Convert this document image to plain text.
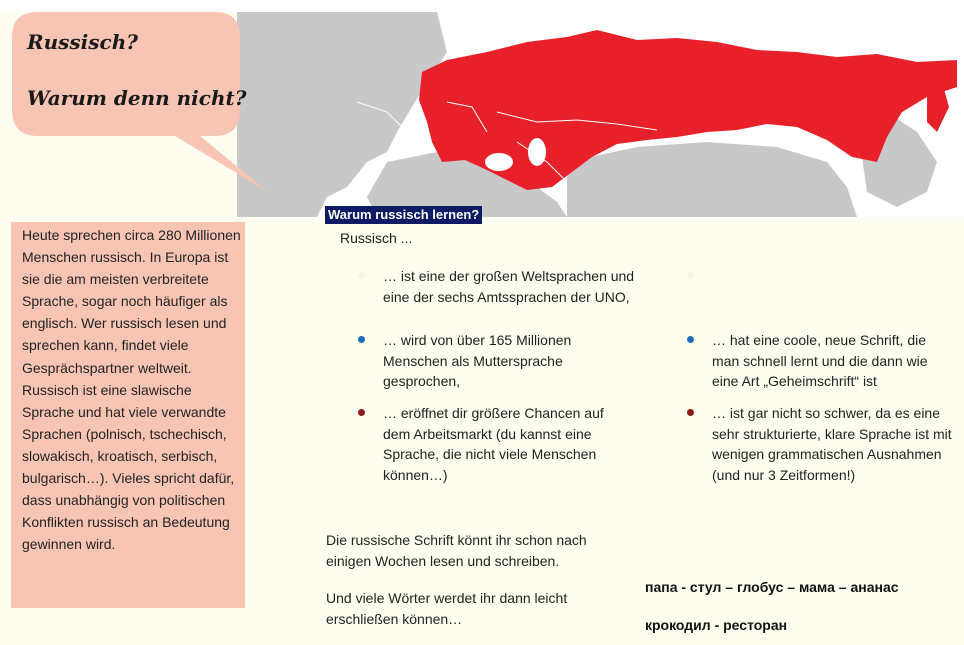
Russisch?
Warum denn nicht?
Heute sprechen circa 280 Millionen Menschen russisch. In Europa ist sie die am meisten verbreitete Sprache, sogar noch häufiger als englisch. Wer russisch lesen und sprechen kann, findet viele Gesprächspartner weltweit. Russisch ist eine slawische Sprache und hat viele verwandte Sprachen (polnisch, tschechisch, slowakisch, kroatisch, serbisch, bulgarisch…). Vieles spricht dafür, dass unabhängig von politischen Konflikten russisch an Bedeutung gewinnen wird.
Warum russisch lernen?
Russisch ...
… ist eine der großen Weltsprachen und eine der sechs Amtssprachen der UNO,
… wird von über 165 Millionen Menschen als Muttersprache gesprochen,
… eröffnet dir größere Chancen auf dem Arbeitsmarkt (du kannst eine Sprache, die nicht viele Menschen können…)
… hat eine coole, neue Schrift, die man schnell lernt und die dann wie eine Art „Geheimschrift“ ist
… ist gar nicht so schwer, da es eine sehr strukturierte, klare Sprache ist mit wenigen grammatischen Ausnahmen (und nur 3 Zeitformen!)
Die russische Schrift könnt ihr schon nach einigen Wochen lesen und schreiben.
Und viele Wörter werdet ihr dann leicht erschließen können…
папа - стул – глобус – мама – ананас
крокодил - ресторан
